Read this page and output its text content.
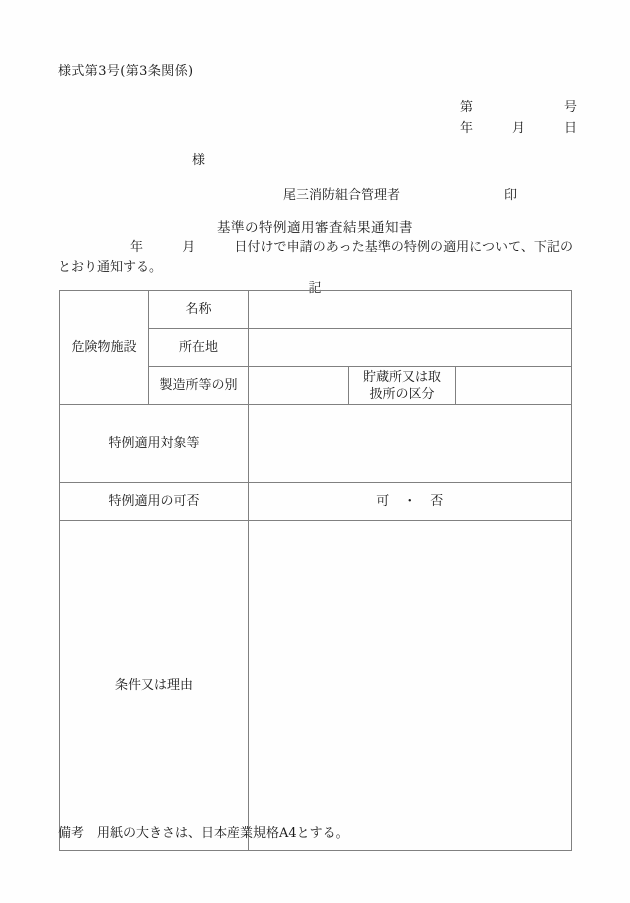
様式第3号(第3条関係)
第　　　　　　　号
年　　　月　　　日
様
尾三消防組合管理者　　　　　　　　印
基準の特例適用審査結果通知書
年　　　月　　　日付けで申請のあった基準の特例の適用について、下記のとおり通知する。
記
危険物施設	名称			
	所在地			
	製造所等の別		貯蔵所又は取
扱所の区分	
特例適用対象等				
特例適用の可否		可　・　否		
条件又は理由				
備考　用紙の大きさは、日本産業規格A4とする。
